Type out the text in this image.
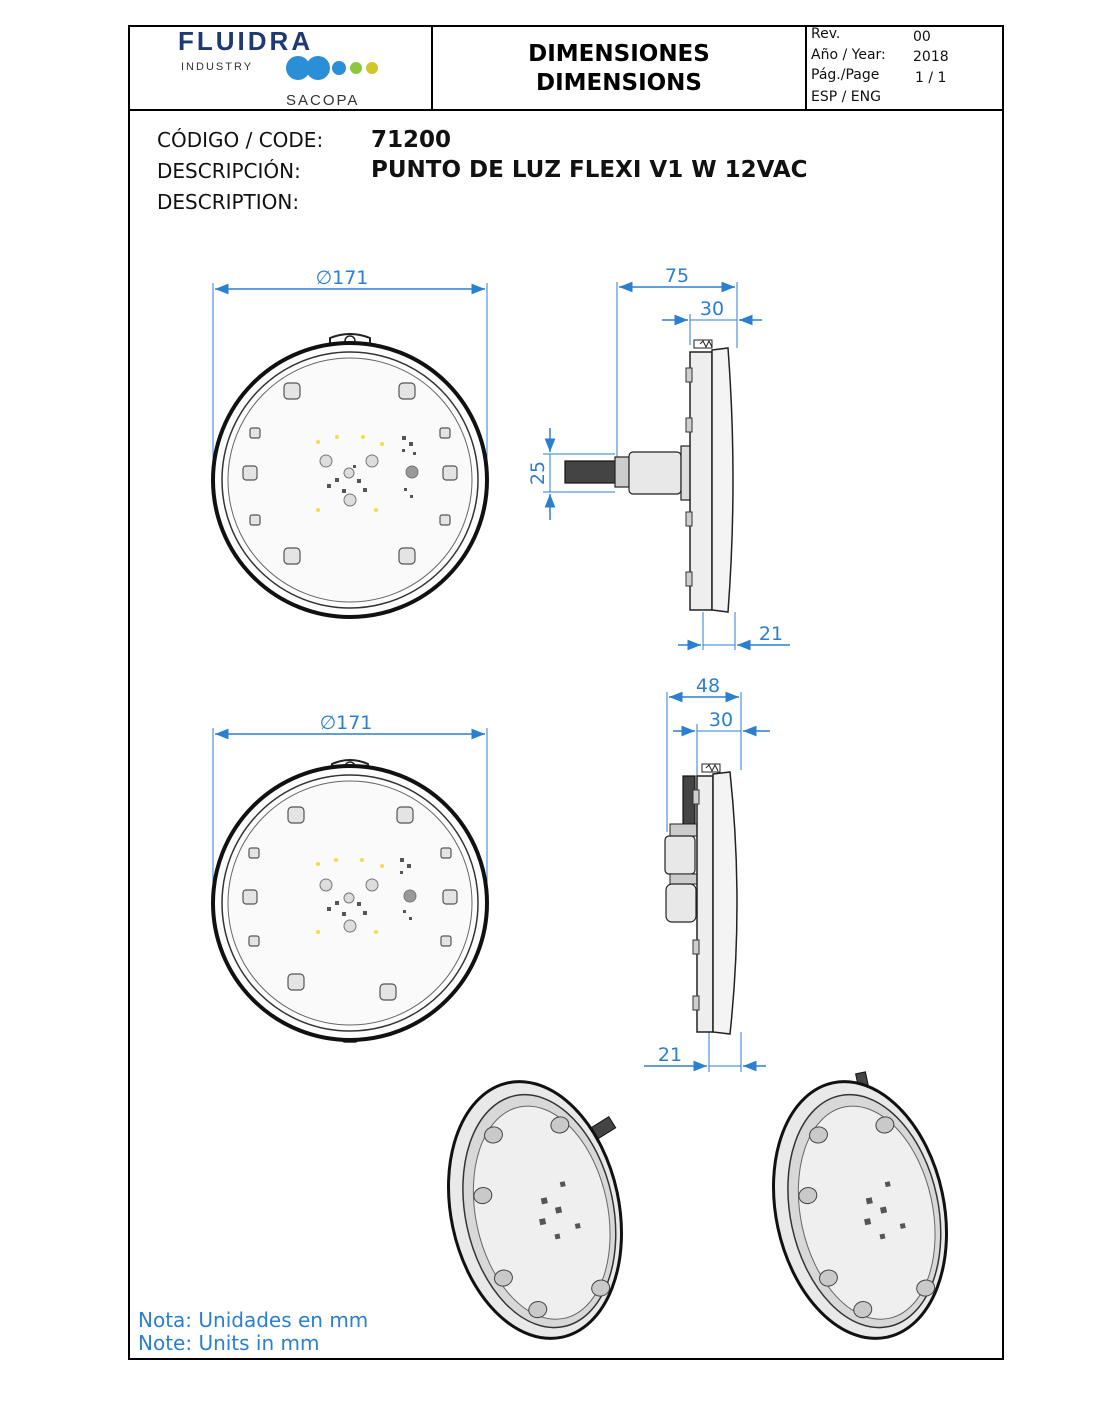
FLUIDRA
INDUSTRY
SACOPA
DIMENSIONES
DIMENSIONS
Rev.	00
Año / Year: 2018
Pág./Page	1 / 1
ESP / ENG
CÓDIGO / CODE: 71200
DESCRIPCIÓN:	PUNTO DE LUZ FLEXI V1 W 12VAC
DESCRIPTION:
∅171	75
30
25
21
∅171
48
30
21
Nota: Unidades en mm
Note: Units in mm
